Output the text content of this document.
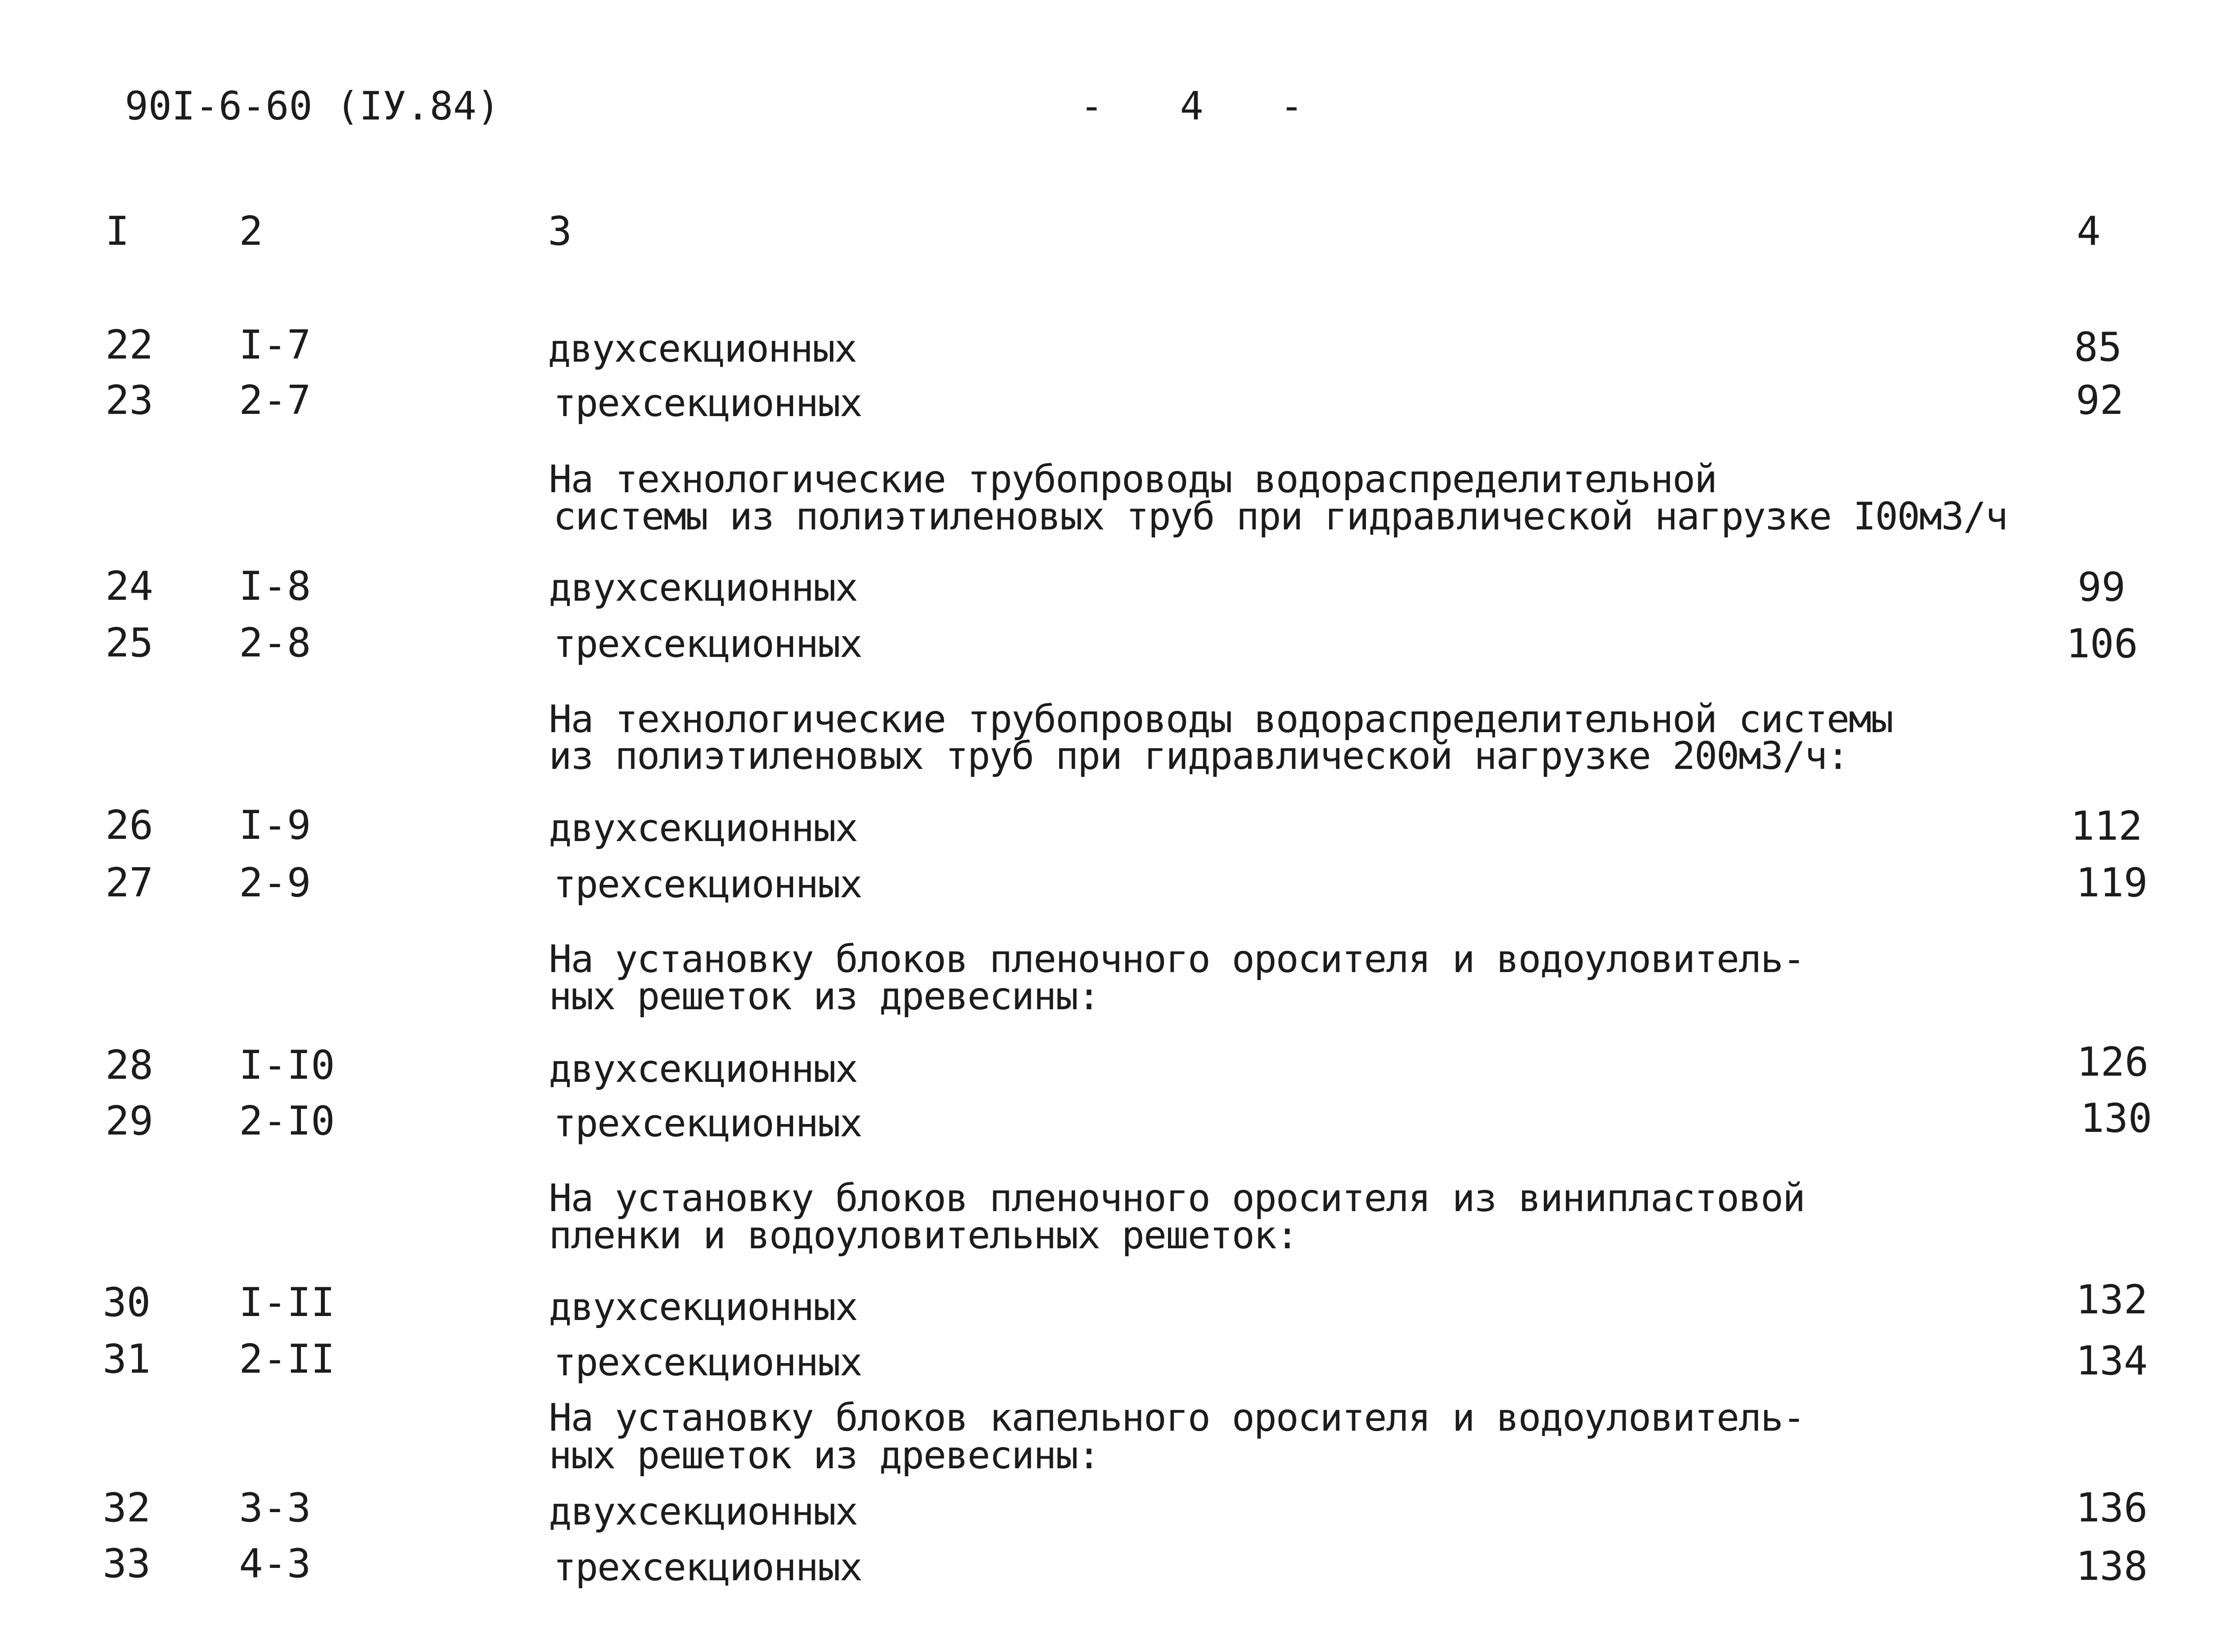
90I-6-60 (IУ.84)	- 4 -
I	2	3	4
22 I-7	двухсекционных	85
23 2-7	трехсекционных	92
На технологические трубопроводы водораспределительной
системы из полиэтиленовых труб при гидравлической нагрузке I00м3/ч
24 I-8	двухсекционных	99
25 2-8	трехсекционных	106
На технологические трубопроводы водораспределительной системы
из полиэтиленовых труб при гидравлической нагрузке 200м3/ч:
26 I-9	двухсекционных	112
27 2-9	трехсекционных	119
На установку блоков пленочного оросителя и водоуловитель-
ных решеток из древесины:
28 I-I0	двухсекционных	126
29 2-I0	трехсекционных	130
На установку блоков пленочного оросителя из винипластовой
пленки и водоуловительных решеток:
30 I-II	двухсекционных	132
31 2-II	трехсекционных	134
На установку блоков капельного оросителя и водоуловитель-
ных решеток из древесины:
32 3-3	двухсекционных	136
33 4-3	трехсекционных	138
